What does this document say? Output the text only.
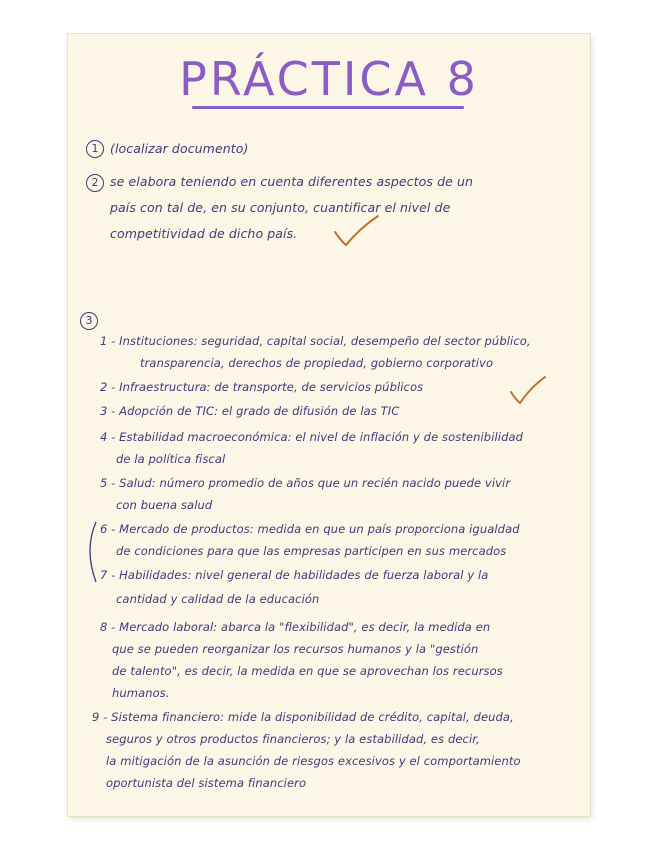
PRÁCTICA 8
1 (localizar documento)
2 se elabora teniendo en cuenta diferentes aspectos de un
país con tal de, en su conjunto, cuantificar el nivel de
competitividad de dicho país.
3
1 - Instituciones: seguridad, capital social, desempeño del sector público,
transparencia, derechos de propiedad, gobierno corporativo
2 - Infraestructura: de transporte, de servicios públicos
3 - Adopción de TIC: el grado de difusión de las TIC
4 - Estabilidad macroeconómica: el nivel de inflación y de sostenibilidad
de la política fiscal
5 - Salud: número promedio de años que un recién nacido puede vivir
con buena salud
6 - Mercado de productos: medida en que un país proporciona igualdad
de condiciones para que las empresas participen en sus mercados
7 - Habilidades: nivel general de habilidades de fuerza laboral y la
cantidad y calidad de la educación
8 - Mercado laboral: abarca la "flexibilidad", es decir, la medida en
que se pueden reorganizar los recursos humanos y la "gestión
de talento", es decir, la medida en que se aprovechan los recursos
humanos.
9 - Sistema financiero: mide la disponibilidad de crédito, capital, deuda,
seguros y otros productos financieros; y la estabilidad, es decir,
la mitigación de la asunción de riesgos excesivos y el comportamiento
oportunista del sistema financiero
